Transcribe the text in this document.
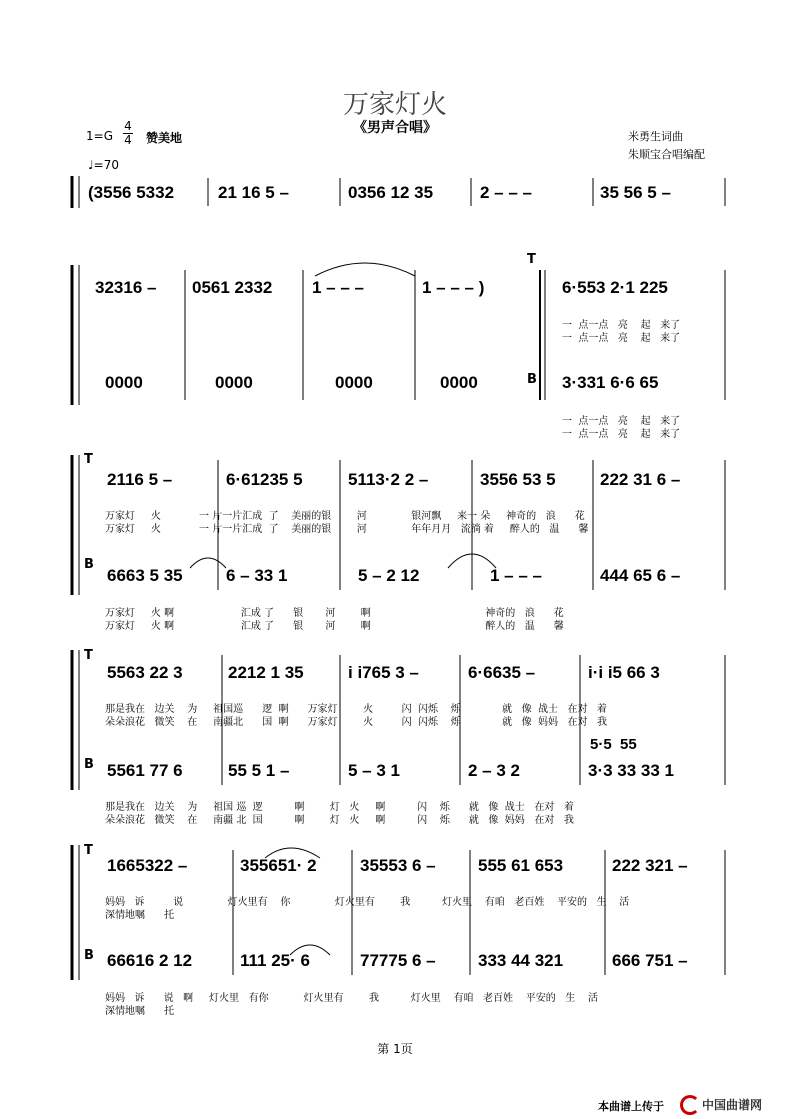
万家灯火
《男声合唱》
$1=G \frac{4}{4}$ 赞美地
♩=70
米勇生词曲
朱顺宝合唱编配
(3556 5332	21 16 5 –	0356 12 35	2 – – –	35 56 5 –
T
B
32316 – 0561 2332 1 – – –	1 – – – )	6·553 2·1 225
一  点一点   亮    起   来了
一  点一点   亮    起   来了
0000	0000	0000	0000	3·331 6·6 65
一  点一点   亮    起   来了
一  点一点   亮    起   来了
T
B
2116 5 –	6·61235 5	5113·2 2 –	3556 53 5	222 31 6 –
万家灯     火            一 片一片汇成  了    美丽的银        河              银河飘     来一 朵     神奇的   浪      花
万家灯     火            一 片一片汇成  了    美丽的银        河              年年月月   流淌 着     醉人的   温      馨
6663 5 35	6 – 33 1	5 – 2 12	1 – – –	444 65 6 –
万家灯     火 啊                     汇成 了      银       河        啊                                    神奇的   浪      花
万家灯     火 啊                     汇成 了      银       河        啊                                    醉人的   温      馨
T
B
5563 22 3	2212 1 35	i i765 3 –	6·6635 –	i·i i5 66 3
那是我在   边关    为     祖国巡      逻  啊      万家灯        火         闪  闪烁    烁             就   像  战士   在对   着
朵朵浪花   微笑    在     南疆北      国  啊      万家灯        火         闪  闪烁    烁             就   像  妈妈   在对   我
5·5  55
5561 77 6	55 5 1 –	5 – 3 1	2 – 3 2	3·3 33 33 1
那是我在   边关    为     祖国 巡  逻          啊        灯   火     啊          闪    烁      就   像  战士   在对   着
朵朵浪花   微笑    在     南疆 北  国          啊        灯   火     啊          闪    烁      就   像  妈妈   在对   我
T
B
1665322 –	355651· 2	35553 6 – 555 61 653	222 321 –
妈妈   诉         说              灯火里有    你              灯火里有        我          灯火里    有咱   老百姓    平安的   生    活
深情地嘱      托
66616 2 12	111 25· 6	77775 6 – 333 44 321	666 751 –
妈妈   诉      说   啊     灯火里   有你           灯火里有        我          灯火里    有咱   老百姓    平安的   生    活
深情地嘱      托
第 1页
本曲谱上传于	中国曲谱网
